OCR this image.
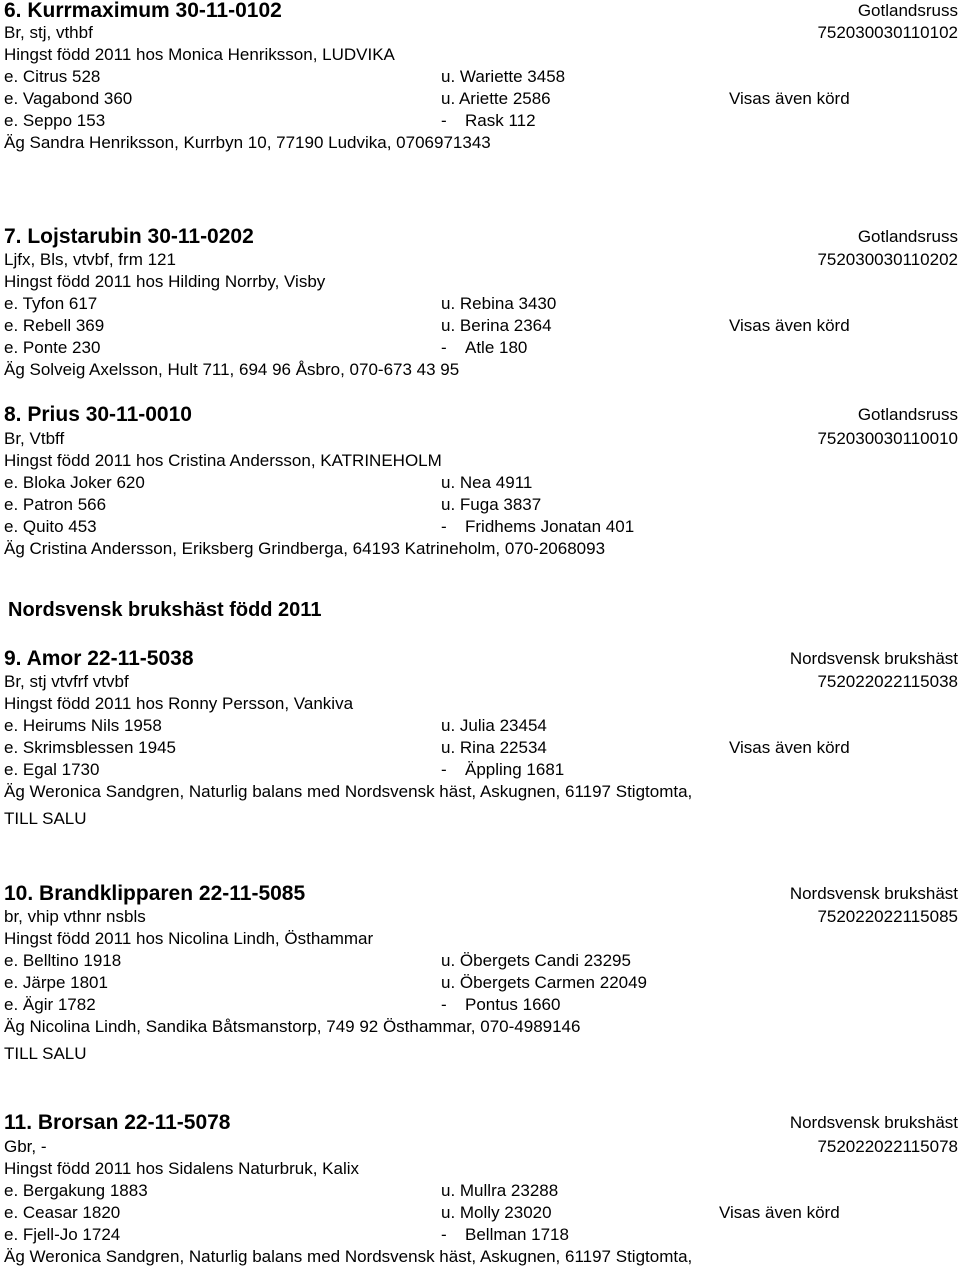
6. Kurrmaximum 30-11-0102	Gotlandsruss
Br, stj, vthbf	752030030110102
Hingst född 2011 hos Monica Henriksson, LUDVIKA
e. Citrus 528	u. Wariette 3458
e. Vagabond 360	u. Ariette 2586	Visas även körd
e. Seppo 153	-	Rask 112
Äg Sandra Henriksson, Kurrbyn 10, 77190 Ludvika, 0706971343
7. Lojstarubin 30-11-0202	Gotlandsruss
Ljfx, Bls, vtvbf, frm 121	752030030110202
Hingst född 2011 hos Hilding Norrby, Visby
e. Tyfon 617	u. Rebina 3430
e. Rebell 369	u. Berina 2364	Visas även körd
e. Ponte 230	-	Atle 180
Äg Solveig Axelsson, Hult 711, 694 96 Åsbro, 070-673 43 95
8. Prius 30-11-0010	Gotlandsruss
Br, Vtbff	752030030110010
Hingst född 2011 hos Cristina Andersson, KATRINEHOLM
e. Bloka Joker 620	u. Nea 4911
e. Patron 566	u. Fuga 3837
e. Quito 453	-	Fridhems Jonatan 401
Äg Cristina Andersson, Eriksberg Grindberga, 64193 Katrineholm, 070-2068093
Nordsvensk brukshäst född 2011
9. Amor 22-11-5038	Nordsvensk brukshäst
Br, stj vtvfrf vtvbf	752022022115038
Hingst född 2011 hos Ronny Persson, Vankiva
e. Heirums Nils 1958	u. Julia 23454
e. Skrimsblessen 1945	u. Rina 22534	Visas även körd
e. Egal 1730	-	Äppling 1681
Äg Weronica Sandgren, Naturlig balans med Nordsvensk häst, Askugnen, 61197 Stigtomta,
TILL SALU
10. Brandklipparen 22-11-5085	Nordsvensk brukshäst
br, vhip vthnr nsbls	752022022115085
Hingst född 2011 hos Nicolina Lindh, Östhammar
e. Belltino 1918	u. Öbergets Candi 23295
e. Järpe 1801	u. Öbergets Carmen 22049
e. Ägir 1782	-	Pontus 1660
Äg Nicolina Lindh, Sandika Båtsmanstorp, 749 92 Östhammar, 070-4989146
TILL SALU
11. Brorsan 22-11-5078	Nordsvensk brukshäst
Gbr, -	752022022115078
Hingst född 2011 hos Sidalens Naturbruk, Kalix
e. Bergakung 1883	u. Mullra 23288
e. Ceasar 1820	u. Molly 23020	Visas även körd
e. Fjell-Jo 1724	-	Bellman 1718
Äg Weronica Sandgren, Naturlig balans med Nordsvensk häst, Askugnen, 61197 Stigtomta,
